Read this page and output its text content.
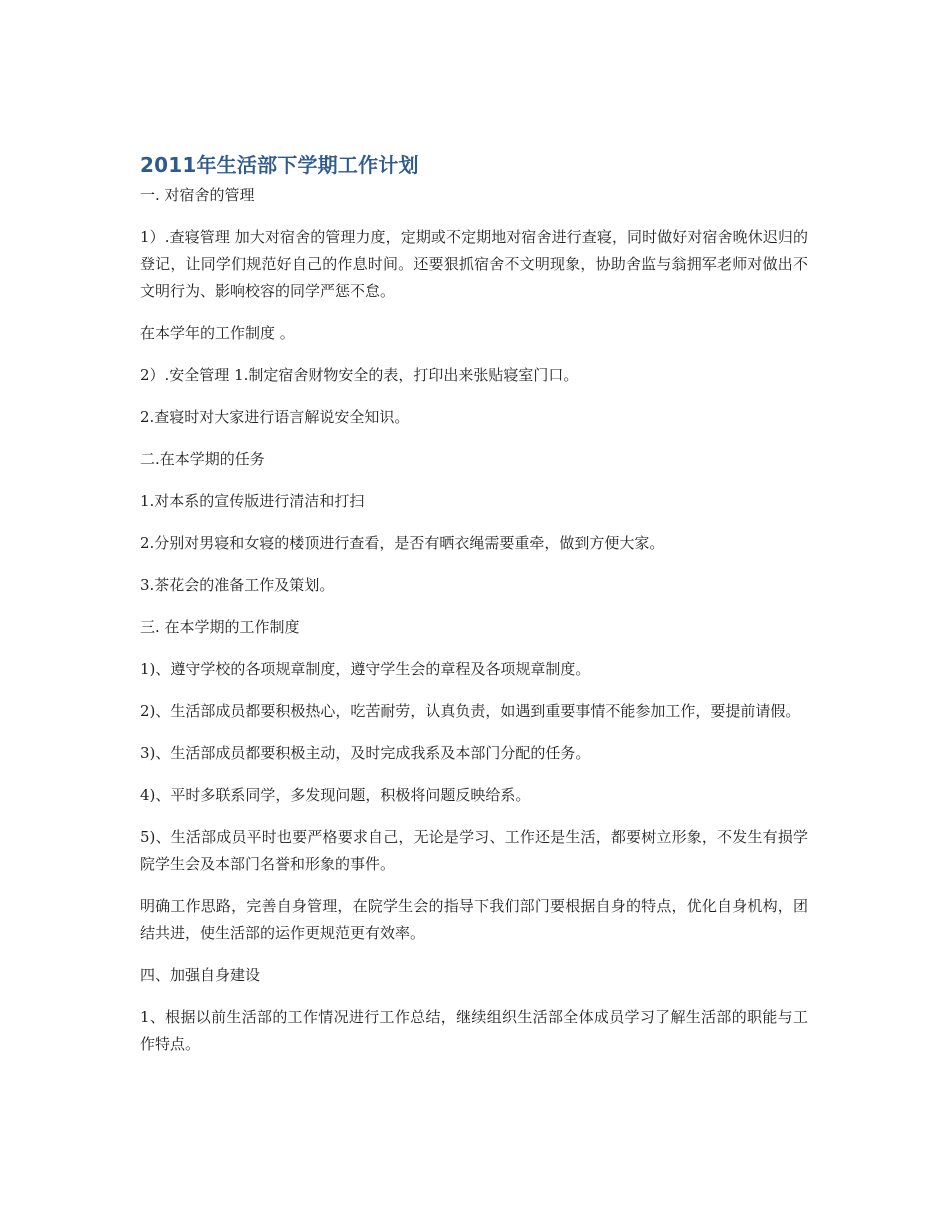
2011年生活部下学期工作计划

一. 对宿舍的管理

1）.查寝管理 加大对宿舍的管理力度，定期或不定期地对宿舍进行查寝，同时做好对宿舍晚休迟归的登记，让同学们规范好自己的作息时间。还要狠抓宿舍不文明现象，协助舍监与翁拥军老师对做出不文明行为、影响校容的同学严惩不怠。

在本学年的工作制度 。

2）.安全管理 1.制定宿舍财物安全的表，打印出来张贴寝室门口。

2.查寝时对大家进行语言解说安全知识。

二.在本学期的任务

1.对本系的宣传版进行清洁和打扫

2.分别对男寝和女寝的楼顶进行查看，是否有晒衣绳需要重牵，做到方便大家。

3.茶花会的准备工作及策划。

三. 在本学期的工作制度

1)、遵守学校的各项规章制度，遵守学生会的章程及各项规章制度。

2)、生活部成员都要积极热心，吃苦耐劳，认真负责，如遇到重要事情不能参加工作，要提前请假。

3)、生活部成员都要积极主动，及时完成我系及本部门分配的任务。

4)、平时多联系同学，多发现问题，积极将问题反映给系。

5)、生活部成员平时也要严格要求自己，无论是学习、工作还是生活，都要树立形象，不发生有损学院学生会及本部门名誉和形象的事件。

明确工作思路，完善自身管理，在院学生会的指导下我们部门要根据自身的特点，优化自身机构，团结共进，使生活部的运作更规范更有效率。

四、加强自身建设

1、根据以前生活部的工作情况进行工作总结，继续组织生活部全体成员学习了解生活部的职能与工作特点。
